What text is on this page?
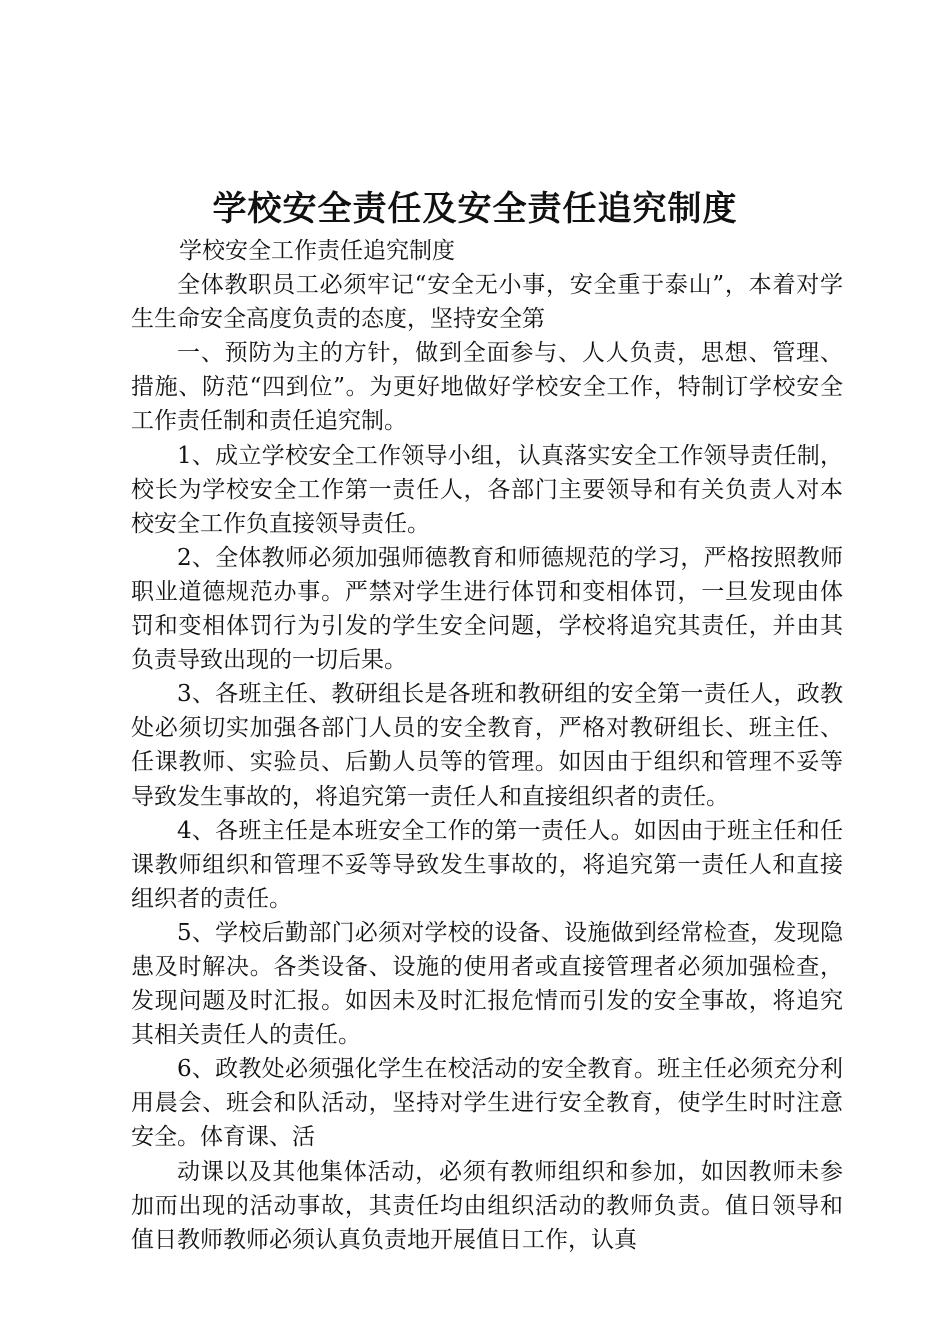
学校安全责任及安全责任追究制度

学校安全工作责任追究制度

全体教职员工必须牢记“安全无小事，安全重于泰山”，本着对学生生命安全高度负责的态度，坚持安全第

一、预防为主的方针，做到全面参与、人人负责，思想、管理、措施、防范“四到位”。为更好地做好学校安全工作，特制订学校安全工作责任制和责任追究制。

1、成立学校安全工作领导小组，认真落实安全工作领导责任制，校长为学校安全工作第一责任人，各部门主要领导和有关负责人对本校安全工作负直接领导责任。

2、全体教师必须加强师德教育和师德规范的学习，严格按照教师职业道德规范办事。严禁对学生进行体罚和变相体罚，一旦发现由体罚和变相体罚行为引发的学生安全问题，学校将追究其责任，并由其负责导致出现的一切后果。

3、各班主任、教研组长是各班和教研组的安全第一责任人，政教处必须切实加强各部门人员的安全教育，严格对教研组长、班主任、任课教师、实验员、后勤人员等的管理。如因由于组织和管理不妥等导致发生事故的，将追究第一责任人和直接组织者的责任。

4、各班主任是本班安全工作的第一责任人。如因由于班主任和任课教师组织和管理不妥等导致发生事故的，将追究第一责任人和直接组织者的责任。

5、学校后勤部门必须对学校的设备、设施做到经常检查，发现隐患及时解决。各类设备、设施的使用者或直接管理者必须加强检查，发现问题及时汇报。如因未及时汇报危情而引发的安全事故，将追究其相关责任人的责任。

6、政教处必须强化学生在校活动的安全教育。班主任必须充分利用晨会、班会和队活动，坚持对学生进行安全教育，使学生时时注意安全。体育课、活

动课以及其他集体活动，必须有教师组织和参加，如因教师未参加而出现的活动事故，其责任均由组织活动的教师负责。值日领导和值日教师教师必须认真负责地开展值日工作，认真
